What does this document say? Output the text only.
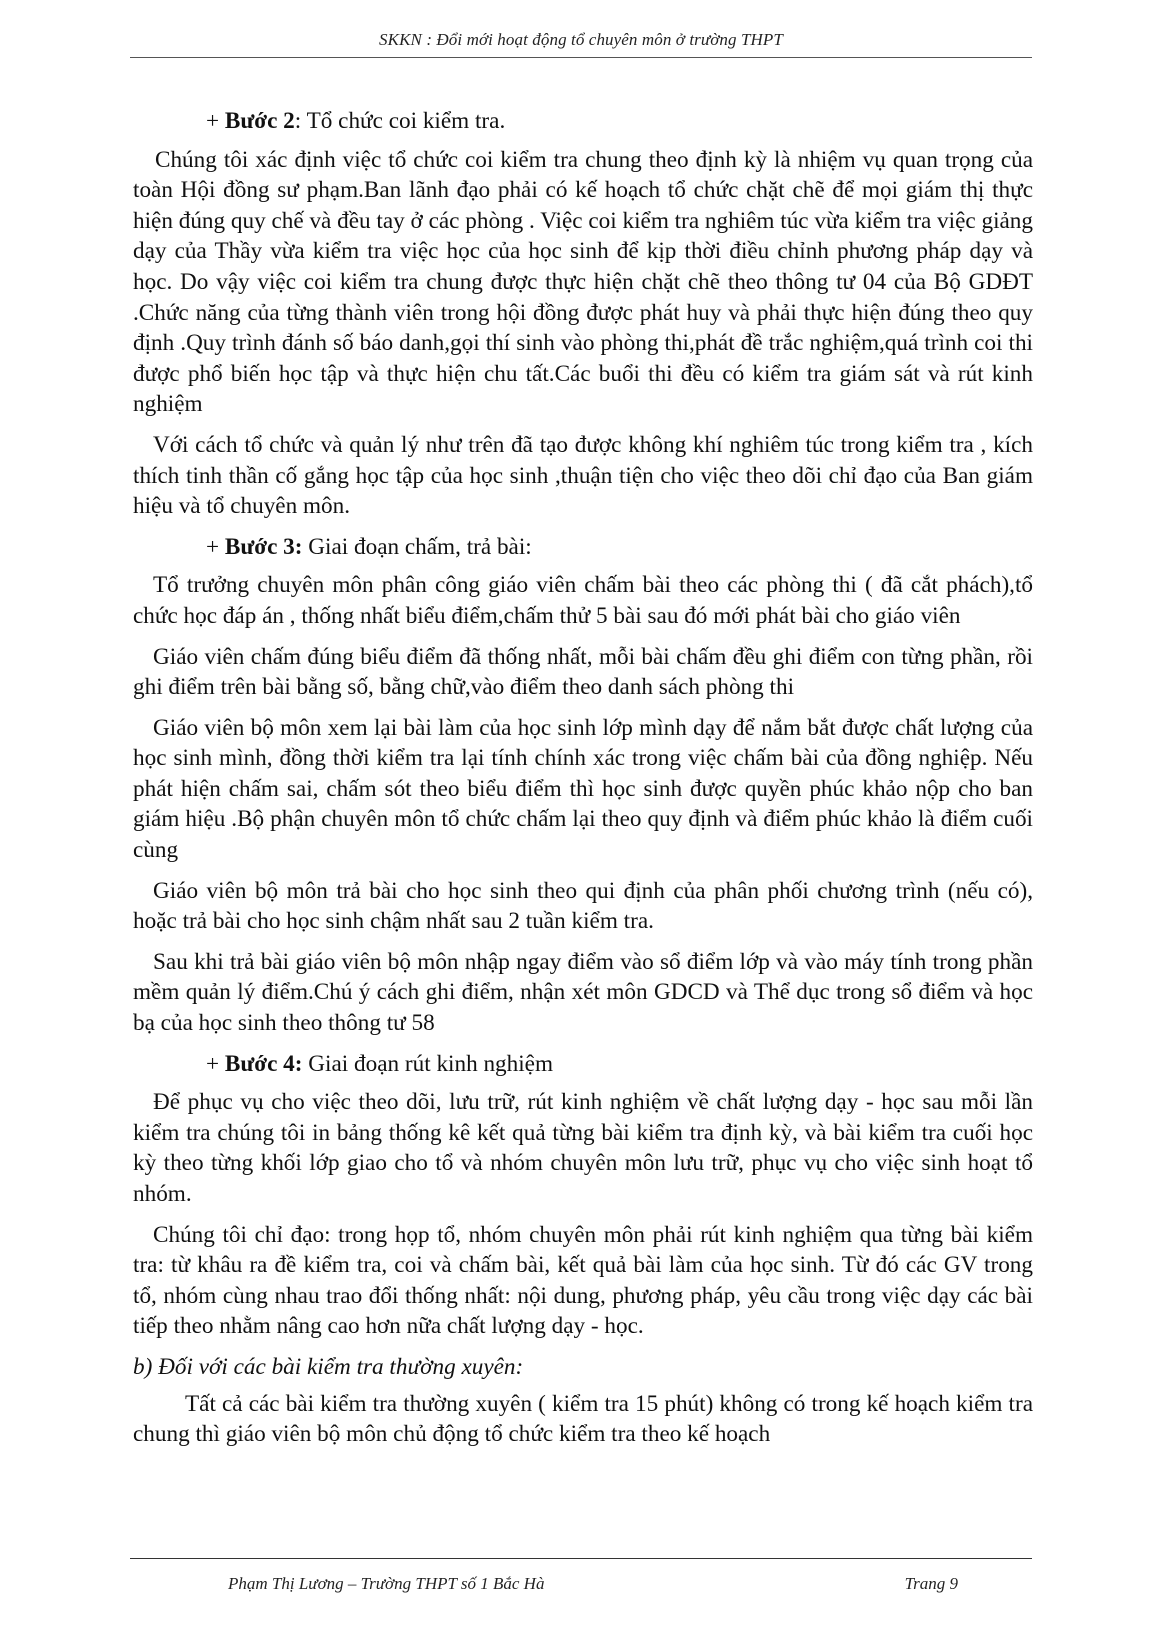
SKKN : Đổi mới hoạt động tổ chuyên môn ở trường THPT

+ Bước 2: Tổ chức coi kiểm tra.

Chúng tôi xác định việc tổ chức coi kiểm tra chung theo định kỳ là nhiệm vụ quan trọng của toàn Hội đồng sư phạm.Ban lãnh đạo phải có kế hoạch tổ chức chặt chẽ để mọi giám thị thực hiện đúng quy chế và đều tay ở các phòng . Việc coi kiểm tra nghiêm túc vừa kiểm tra việc giảng dạy của Thầy vừa kiểm tra việc học của học sinh để kịp thời điều chỉnh phương pháp dạy và học. Do vậy việc coi kiểm tra chung được thực hiện chặt chẽ theo thông tư 04 của Bộ GDĐT .Chức năng của từng thành viên trong hội đồng được phát huy và phải thực hiện đúng theo quy định .Quy trình đánh số báo danh,gọi thí sinh vào phòng thi,phát đề trắc nghiệm,quá trình coi thi được phổ biến học tập và thực hiện chu tất.Các buổi thi đều có kiểm tra giám sát và rút kinh nghiệm

Với cách tổ chức và quản lý như trên đã tạo được không khí nghiêm túc trong kiểm tra , kích thích tinh thần cố gắng học tập của học sinh ,thuận tiện cho việc theo dõi chỉ đạo của Ban giám hiệu và tổ chuyên môn.

+ Bước 3: Giai đoạn chấm, trả bài:

Tổ trưởng chuyên môn phân công giáo viên chấm bài theo các phòng thi ( đã cắt phách),tổ chức học đáp án , thống nhất biểu điểm,chấm thử 5 bài sau đó mới phát bài cho giáo viên

Giáo viên chấm đúng biểu điểm đã thống nhất, mỗi bài chấm đều ghi điểm con từng phần, rồi ghi điểm trên bài bằng số, bằng chữ,vào điểm theo danh sách phòng thi

Giáo viên bộ môn xem lại bài làm của học sinh lớp mình dạy để nắm bắt được chất lượng của học sinh mình, đồng thời kiểm tra lại tính chính xác trong việc chấm bài của đồng nghiệp. Nếu phát hiện chấm sai, chấm sót theo biểu điểm thì học sinh được quyền phúc khảo nộp cho ban giám hiệu .Bộ phận chuyên môn tổ chức chấm lại theo quy định và điểm phúc khảo là điểm cuối cùng

Giáo viên bộ môn trả bài cho học sinh theo qui định của phân phối chương trình (nếu có), hoặc trả bài cho học sinh chậm nhất sau 2 tuần kiểm tra.

Sau khi trả bài giáo viên bộ môn nhập ngay điểm vào sổ điểm lớp và vào máy tính trong phần mềm quản lý điểm.Chú ý cách ghi điểm, nhận xét môn GDCD và Thể dục trong sổ điểm và học bạ của học sinh theo thông tư 58

+ Bước 4: Giai đoạn rút kinh nghiệm

Để phục vụ cho việc theo dõi, lưu trữ, rút kinh nghiệm về chất lượng dạy - học sau mỗi lần kiểm tra chúng tôi in bảng thống kê kết quả từng bài kiểm tra định kỳ, và bài kiểm tra cuối học kỳ theo từng khối lớp giao cho tổ và nhóm chuyên môn lưu trữ, phục vụ cho việc sinh hoạt tổ nhóm.

Chúng tôi chỉ đạo: trong họp tổ, nhóm chuyên môn phải rút kinh nghiệm qua từng bài kiểm tra: từ khâu ra đề kiểm tra, coi và chấm bài, kết quả bài làm của học sinh. Từ đó các GV trong tổ, nhóm cùng nhau trao đổi thống nhất: nội dung, phương pháp, yêu cầu trong việc dạy các bài tiếp theo nhằm nâng cao hơn nữa chất lượng dạy - học.

b) Đối với các bài kiểm tra thường xuyên:

Tất cả các bài kiểm tra thường xuyên ( kiểm tra 15 phút) không có trong kế hoạch kiểm tra chung thì giáo viên bộ môn chủ động tổ chức kiểm tra theo kế hoạch

Phạm Thị Lương – Trường THPT số 1 Bắc Hà	Trang 9
